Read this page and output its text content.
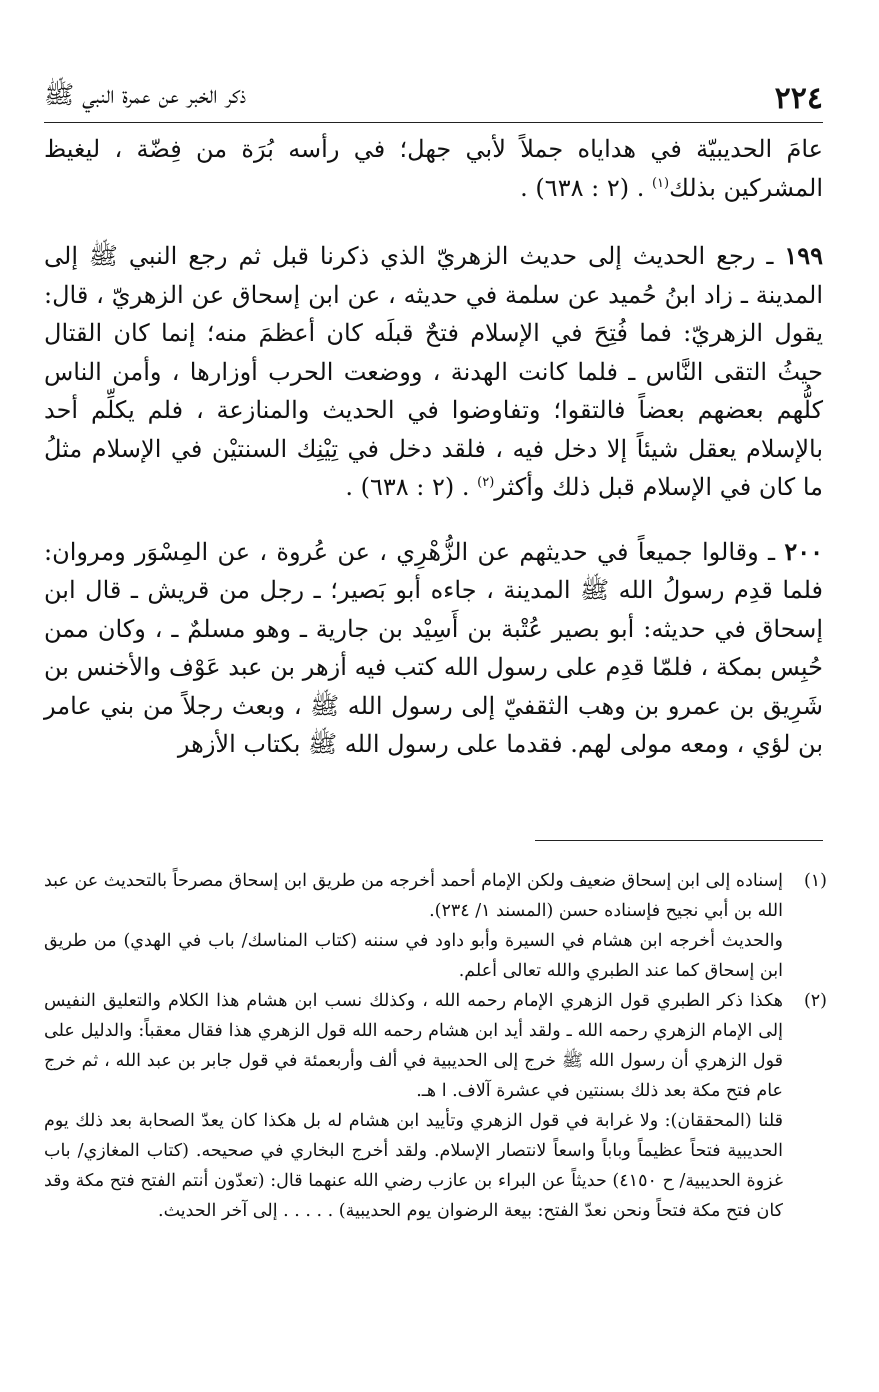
٢٢٤
ذكر الخبر عن عمرة النبي ﷺ

عامَ الحديبيّة في هداياه جملاً لأبي جهل؛ في رأسه بُرَة من فِضّة ، ليغيظ المشركين بذلك$^{(١)}$ . (٢ : ٦٣٨) .

١٩٩ ـ رجع الحديث إلى حديث الزهريّ الذي ذكرنا قبل ثم رجع النبي ﷺ إلى المدينة ـ زاد ابنُ حُميد عن سلمة في حديثه ، عن ابن إسحاق عن الزهريّ ، قال: يقول الزهريّ: فما فُتِحَ في الإسلام فتحٌ قبلَه كان أعظمَ منه؛ إنما كان القتال حيثُ التقى النَّاس ـ فلما كانت الهدنة ، ووضعت الحرب أوزارها ، وأمن الناس كلُّهم بعضهم بعضاً فالتقوا؛ وتفاوضوا في الحديث والمنازعة ، فلم يكلِّم أحد بالإسلام يعقل شيئاً إلا دخل فيه ، فلقد دخل في تِيْنِك السنتيْن في الإسلام مثلُ ما كان في الإسلام قبل ذلك وأكثر$^{(٢)}$ . (٢ : ٦٣٨) .

٢٠٠ ـ وقالوا جميعاً في حديثهم عن الزُّهْرِي ، عن عُروة ، عن المِسْوَر ومروان: فلما قدِم رسولُ الله ﷺ المدينة ، جاءه أبو بَصير؛ ـ رجل من قريش ـ قال ابن إسحاق في حديثه: أبو بصير عُتْبة بن أَسِيْد بن جارية ـ وهو مسلمٌ ـ ، وكان ممن حُبِس بمكة ، فلمّا قدِم على رسول الله كتب فيه أزهر بن عبد عَوْف والأخنس بن شَرِيق بن عمرو بن وهب الثقفيّ إلى رسول الله ﷺ ، وبعث رجلاً من بني عامر بن لؤي ، ومعه مولى لهم. فقدما على رسول الله ﷺ بكتاب الأزهر

(١)

إسناده إلى ابن إسحاق ضعيف ولكن الإمام أحمد أخرجه من طريق ابن إسحاق مصرحاً بالتحديث عن عبد الله بن أبي نجيح فإسناده حسن (المسند ١/ ٢٣٤).

والحديث أخرجه ابن هشام في السيرة وأبو داود في سننه (كتاب المناسك/ باب في الهدي) من طريق ابن إسحاق كما عند الطبري والله تعالى أعلم.

(٢)

هكذا ذكر الطبري قول الزهري الإمام رحمه الله ، وكذلك نسب ابن هشام هذا الكلام والتعليق النفيس إلى الإمام الزهري رحمه الله ـ ولقد أيد ابن هشام رحمه الله قول الزهري هذا فقال معقباً: والدليل على قول الزهري أن رسول الله ﷺ خرج إلى الحديبية في ألف وأربعمئة في قول جابر بن عبد الله ، ثم خرج عام فتح مكة بعد ذلك بسنتين في عشرة آلاف. ا هـ.

قلنا (المحققان): ولا غرابة في قول الزهري وتأييد ابن هشام له بل هكذا كان يعدّ الصحابة بعد ذلك يوم الحديبية فتحاً عظيماً وباباً واسعاً لانتصار الإسلام. ولقد أخرج البخاري في صحيحه. (كتاب المغازي/ باب غزوة الحديبية/ ح ٤١٥٠) حديثاً عن البراء بن عازب رضي الله عنهما قال: (تعدّون أنتم الفتح فتح مكة وقد كان فتح مكة فتحاً ونحن نعدّ الفتح: بيعة الرضوان يوم الحديبية) . . . . . إلى آخر الحديث.
